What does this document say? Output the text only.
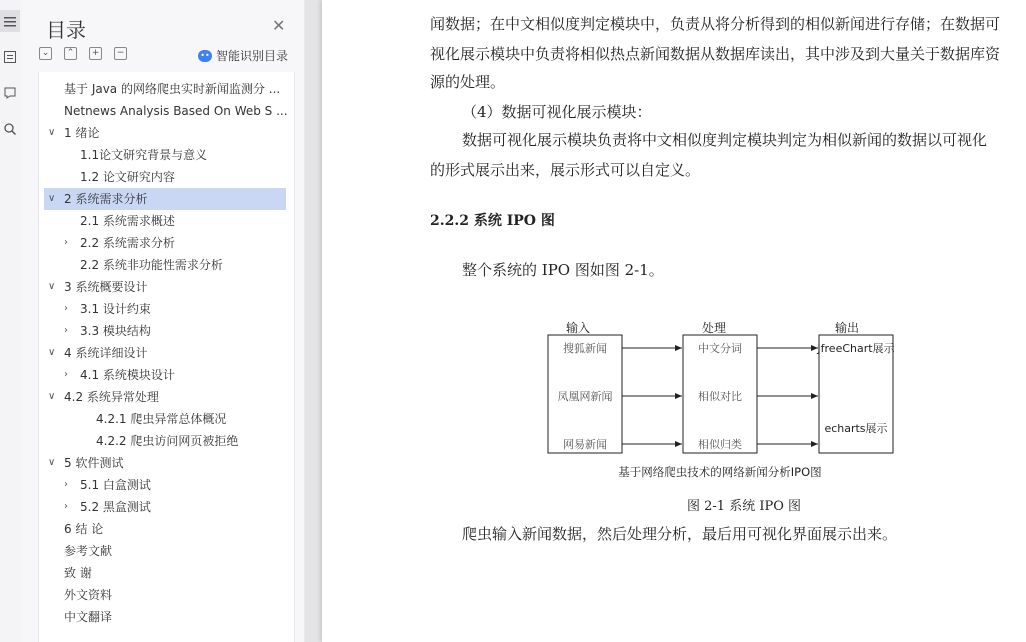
目录	✕
⌄	⌃	+	−	•• 智能识别目录
基于 Java 的网络爬虫实时新闻监测分 ...
Netnews Analysis Based On Web S ...
∨ 1 绪论
1.1论文研究背景与意义
1.2 论文研究内容
∨ 2 系统需求分析
2.1 系统需求概述
› 2.2 系统需求分析
2.2 系统非功能性需求分析
∨ 3 系统概要设计
› 3.1 设计约束
› 3.3 模块结构
∨ 4 系统详细设计
› 4.1 系统模块设计
∨ 4.2 系统异常处理
4.2.1 爬虫异常总体概况
4.2.2 爬虫访问网页被拒绝
∨ 5 软件测试
› 5.1 白盒测试
› 5.2 黑盒测试
6 结 论
参考文献
致 谢
外文资料
中文翻译
闻数据；在中文相似度判定模块中，负责从将分析得到的相似新闻进行存储；在数据可
视化展示模块中负责将相似热点新闻数据从数据库读出，其中涉及到大量关于数据库资
源的处理。
（4）数据可视化展示模块：
数据可视化展示模块负责将中文相似度判定模块判定为相似新闻的数据以可视化
的形式展示出来，展示形式可以自定义。
2.2.2 系统 IPO 图
整个系统的 IPO 图如图 2-1。
输入	处理	输出
搜狐新闻
凤凰网新闻
网易新闻
中文分词
相似对比
相似归类
JfreeChart展示
echarts展示
基于网络爬虫技术的网络新闻分析IPO图
图 2-1 系统 IPO 图
爬虫输入新闻数据，然后处理分析，最后用可视化界面展示出来。
